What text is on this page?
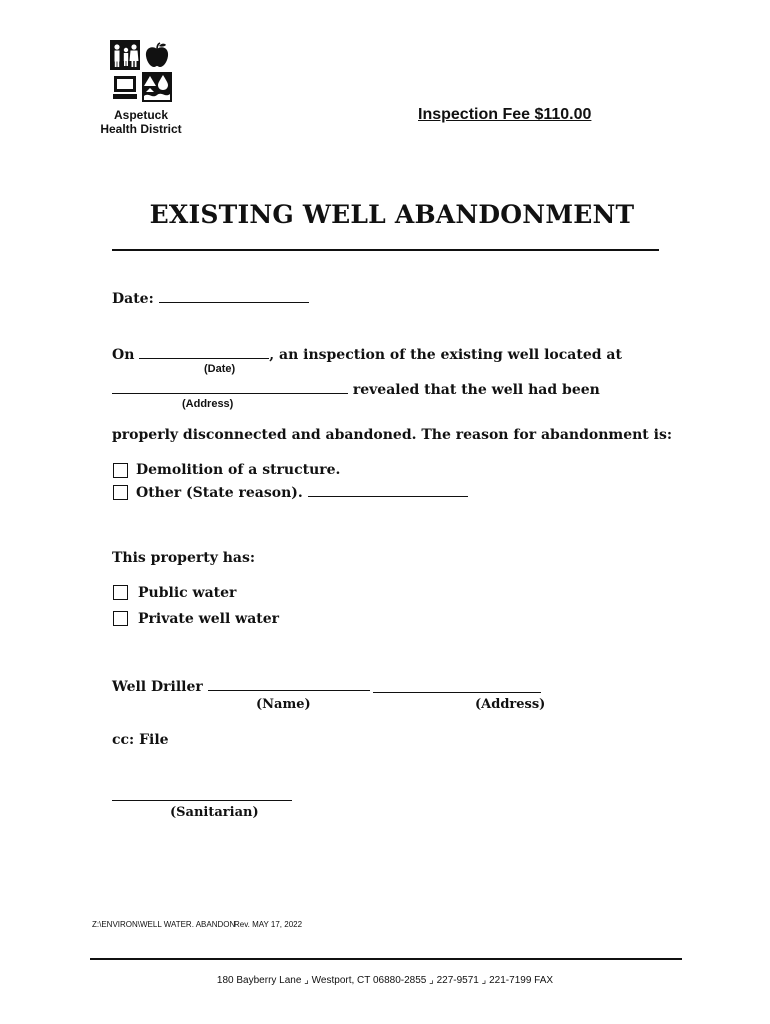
Aspetuck
Health District
Inspection Fee $110.00
EXISTING WELL ABANDONMENT
Date:
On	, an inspection of the existing well located at
(Date)
revealed that the well had been
(Address)
properly disconnected and abandoned. The reason for abandonment is:
Demolition of a structure.
Other (State reason).
This property has:
Public water
Private well water
Well Driller
(Name)	(Address)
cc: File
(Sanitarian)
Z:\ENVIRON\WELL WATER. ABANDON
Rev. MAY 17, 2022
180 Bayberry Lane ⌟ Westport, CT 06880-2855 ⌟ 227-9571 ⌟ 221-7199 FAX
